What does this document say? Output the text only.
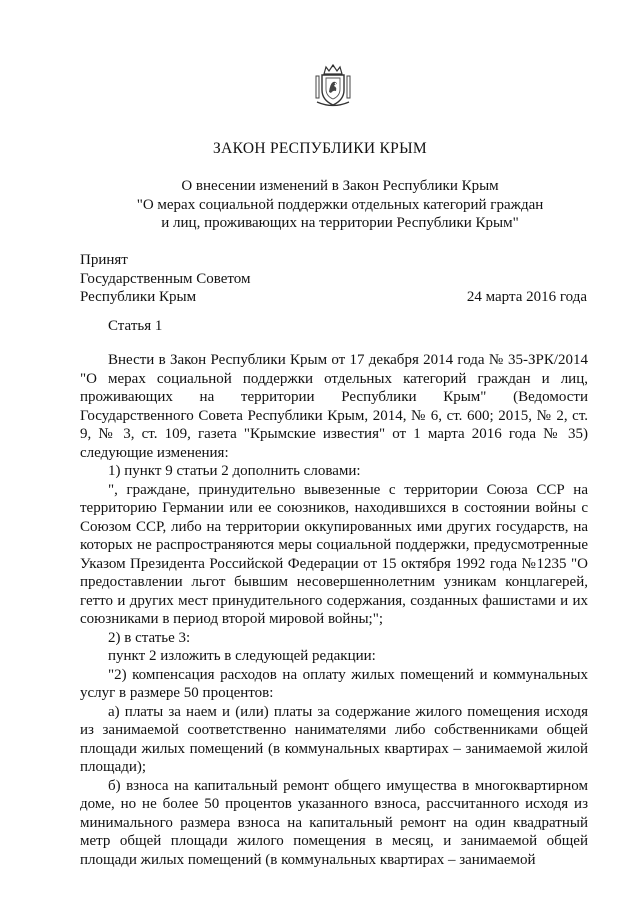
ЗАКОН РЕСПУБЛИКИ КРЫМ
О внесении изменений в Закон Республики Крым
"О мерах социальной поддержки отдельных категорий граждан
и лиц, проживающих на территории Республики Крым"
Принят
Государственным Советом
Республики Крым	24 марта 2016 года
Статья 1

Внести в Закон Республики Крым от 17 декабря 2014 года № 35-ЗРК/2014 "О мерах социальной поддержки отдельных категорий граждан и лиц, проживающих на территории Республики Крым" (Ведомости Государственного Совета Республики Крым, 2014, № 6, ст. 600; 2015, № 2, ст. 9, № 3, ст. 109, газета "Крымские известия" от 1 марта 2016 года № 35) следующие изменения:

1) пункт 9 статьи 2 дополнить словами:

", граждане, принудительно вывезенные с территории Союза ССР на территорию Германии или ее союзников, находившихся в состоянии войны с Союзом ССР, либо на территории оккупированных ими других государств, на которых не распространяются меры социальной поддержки, предусмотренные Указом Президента Российской Федерации от 15 октября 1992 года №1235 "О предоставлении льгот бывшим несовершеннолетним узникам концлагерей, гетто и других мест принудительного содержания, созданных фашистами и их союзниками в период второй мировой войны;";

2) в статье 3:

пункт 2 изложить в следующей редакции:

"2) компенсация расходов на оплату жилых помещений и коммунальных услуг в размере 50 процентов:

а) платы за наем и (или) платы за содержание жилого помещения исходя из занимаемой соответственно нанимателями либо собственниками общей площади жилых помещений (в коммунальных квартирах – занимаемой жилой площади);

б) взноса на капитальный ремонт общего имущества в многоквартирном доме, но не более 50 процентов указанного взноса, рассчитанного исходя из минимального размера взноса на капитальный ремонт на один квадратный метр общей площади жилого помещения в месяц, и занимаемой общей площади жилых помещений (в коммунальных квартирах – занимаемой
